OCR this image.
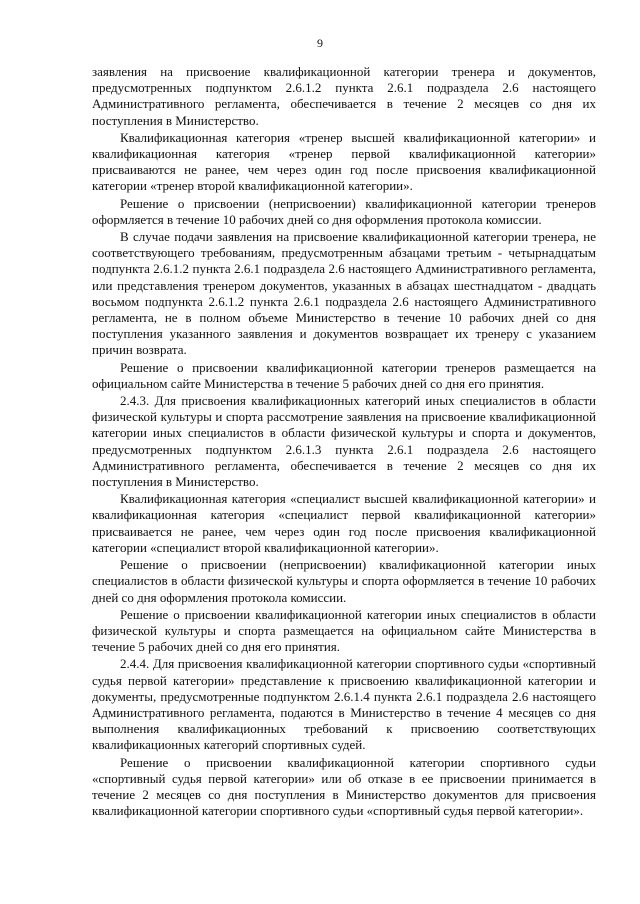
9

заявления на присвоение квалификационной категории тренера и документов, предусмотренных подпунктом 2.6.1.2 пункта 2.6.1 подраздела 2.6 настоящего Административного регламента, обеспечивается в течение 2 месяцев со дня их поступления в Министерство.

Квалификационная категория «тренер высшей квалификационной категории» и квалификационная категория «тренер первой квалификационной категории» присваиваются не ранее, чем через один год после присвоения квалификационной категории «тренер второй квалификационной категории».

Решение о присвоении (неприсвоении) квалификационной категории тренеров оформляется в течение 10 рабочих дней со дня оформления протокола комиссии.

В случае подачи заявления на присвоение квалификационной категории тренера, не соответствующего требованиям, предусмотренным абзацами третьим - четырнадцатым подпункта 2.6.1.2 пункта 2.6.1 подраздела 2.6 настоящего Административного регламента, или представления тренером документов, указанных в абзацах шестнадцатом - двадцать восьмом подпункта 2.6.1.2 пункта 2.6.1 подраздела 2.6 настоящего Административного регламента, не в полном объеме Министерство в течение 10 рабочих дней со дня поступления указанного заявления и документов возвращает их тренеру с указанием причин возврата.

Решение о присвоении квалификационной категории тренеров размещается на официальном сайте Министерства в течение 5 рабочих дней со дня его принятия.

2.4.3. Для присвоения квалификационных категорий иных специалистов в области физической культуры и спорта рассмотрение заявления на присвоение квалификационной категории иных специалистов в области физической культуры и спорта и документов, предусмотренных подпунктом 2.6.1.3 пункта 2.6.1 подраздела 2.6 настоящего Административного регламента, обеспечивается в течение 2 месяцев со дня их поступления в Министерство.

Квалификационная категория «специалист высшей квалификационной категории» и квалификационная категория «специалист первой квалификационной категории» присваивается не ранее, чем через один год после присвоения квалификационной категории «специалист второй квалификационной категории».

Решение о присвоении (неприсвоении) квалификационной категории иных специалистов в области физической культуры и спорта оформляется в течение 10 рабочих дней со дня оформления протокола комиссии.

Решение о присвоении квалификационной категории иных специалистов в области физической культуры и спорта размещается на официальном сайте Министерства в течение 5 рабочих дней со дня его принятия.

2.4.4. Для присвоения квалификационной категории спортивного судьи «спортивный судья первой категории» представление к присвоению квалификационной категории и документы, предусмотренные подпунктом 2.6.1.4 пункта 2.6.1 подраздела 2.6 настоящего Административного регламента, подаются в Министерство в течение 4 месяцев со дня выполнения квалификационных требований к присвоению соответствующих квалификационных категорий спортивных судей.

Решение о присвоении квалификационной категории спортивного судьи «спортивный судья первой категории» или об отказе в ее присвоении принимается в течение 2 месяцев со дня поступления в Министерство документов для присвоения квалификационной категории спортивного судьи «спортивный судья первой категории».
